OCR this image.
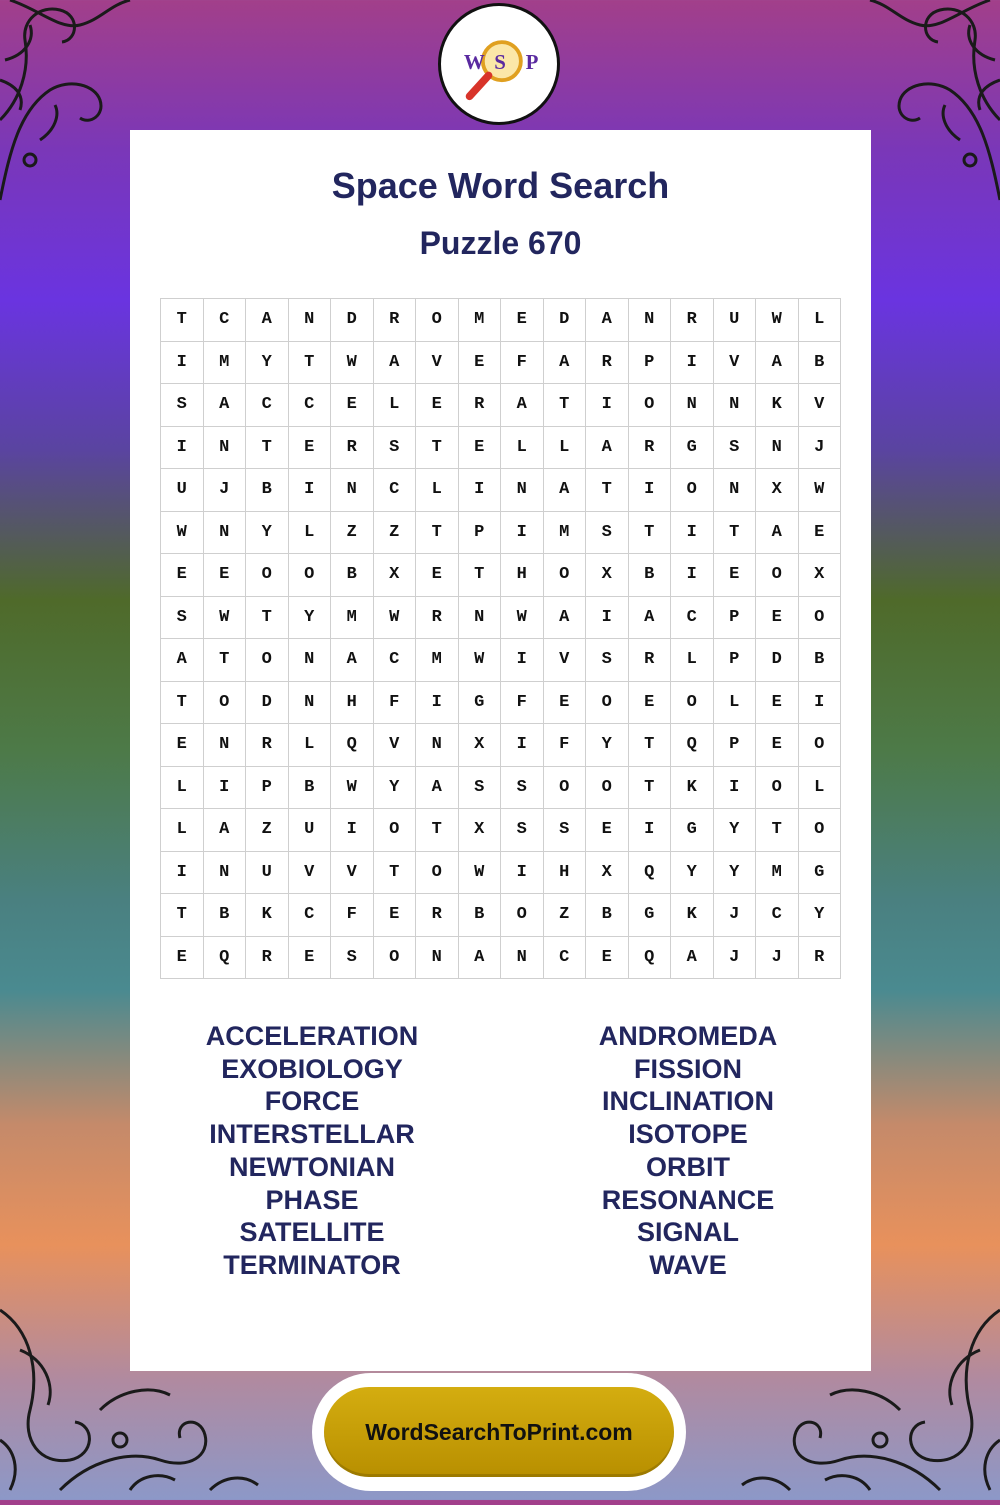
W S P
Space Word Search
Puzzle 670
T	C	A	N	D	R	O	M	E	D	A	N	R	U	W	L
I	M	Y	T	W	A	V	E	F	A	R	P	I	V	A	B
S	A	C	C	E	L	E	R	A	T	I	O	N	N	K	V
I	N	T	E	R	S	T	E	L	L	A	R	G	S	N	J
U	J	B	I	N	C	L	I	N	A	T	I	O	N	X	W
W	N	Y	L	Z	Z	T	P	I	M	S	T	I	T	A	E
E	E	O	O	B	X	E	T	H	O	X	B	I	E	O	X
S	W	T	Y	M	W	R	N	W	A	I	A	C	P	E	O
A	T	O	N	A	C	M	W	I	V	S	R	L	P	D	B
T	O	D	N	H	F	I	G	F	E	O	E	O	L	E	I
E	N	R	L	Q	V	N	X	I	F	Y	T	Q	P	E	O
L	I	P	B	W	Y	A	S	S	O	O	T	K	I	O	L
L	A	Z	U	I	O	T	X	S	S	E	I	G	Y	T	O
I	N	U	V	V	T	O	W	I	H	X	Q	Y	Y	M	G
T	B	K	C	F	E	R	B	O	Z	B	G	K	J	C	Y
E	Q	R	E	S	O	N	A	N	C	E	Q	A	J	J	R
ACCELERATION
EXOBIOLOGY
FORCE
INTERSTELLAR
NEWTONIAN
PHASE
SATELLITE
TERMINATOR
ANDROMEDA
FISSION
INCLINATION
ISOTOPE
ORBIT
RESONANCE
SIGNAL
WAVE
WordSearchToPrint.com
